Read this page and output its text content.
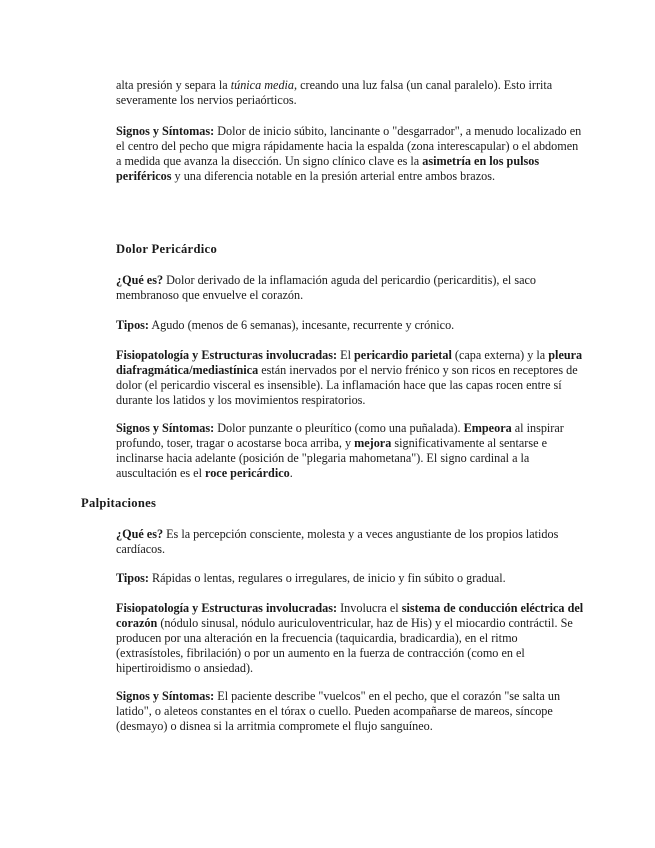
alta presión y separa la túnica media, creando una luz falsa (un canal paralelo). Esto irrita severamente los nervios periaórticos.

Signos y Síntomas: Dolor de inicio súbito, lancinante o "desgarrador", a menudo localizado en el centro del pecho que migra rápidamente hacia la espalda (zona interescapular) o el abdomen a medida que avanza la disección. Un signo clínico clave es la asimetría en los pulsos periféricos y una diferencia notable en la presión arterial entre ambos brazos.

Dolor Pericárdico

¿Qué es? Dolor derivado de la inflamación aguda del pericardio (pericarditis), el saco membranoso que envuelve el corazón.

Tipos: Agudo (menos de 6 semanas), incesante, recurrente y crónico.

Fisiopatología y Estructuras involucradas: El pericardio parietal (capa externa) y la pleura diafragmática/mediastínica están inervados por el nervio frénico y son ricos en receptores de dolor (el pericardio visceral es insensible). La inflamación hace que las capas rocen entre sí durante los latidos y los movimientos respiratorios.

Signos y Síntomas: Dolor punzante o pleurítico (como una puñalada). Empeora al inspirar profundo, toser, tragar o acostarse boca arriba, y mejora significativamente al sentarse e inclinarse hacia adelante (posición de "plegaria mahometana"). El signo cardinal a la auscultación es el roce pericárdico.

Palpitaciones

¿Qué es? Es la percepción consciente, molesta y a veces angustiante de los propios latidos cardíacos.

Tipos: Rápidas o lentas, regulares o irregulares, de inicio y fin súbito o gradual.

Fisiopatología y Estructuras involucradas: Involucra el sistema de conducción eléctrica del corazón (nódulo sinusal, nódulo auriculoventricular, haz de His) y el miocardio contráctil. Se producen por una alteración en la frecuencia (taquicardia, bradicardia), en el ritmo (extrasístoles, fibrilación) o por un aumento en la fuerza de contracción (como en el hipertiroidismo o ansiedad).

Signos y Síntomas: El paciente describe "vuelcos" en el pecho, que el corazón "se salta un latido", o aleteos constantes en el tórax o cuello. Pueden acompañarse de mareos, síncope (desmayo) o disnea si la arritmia compromete el flujo sanguíneo.
